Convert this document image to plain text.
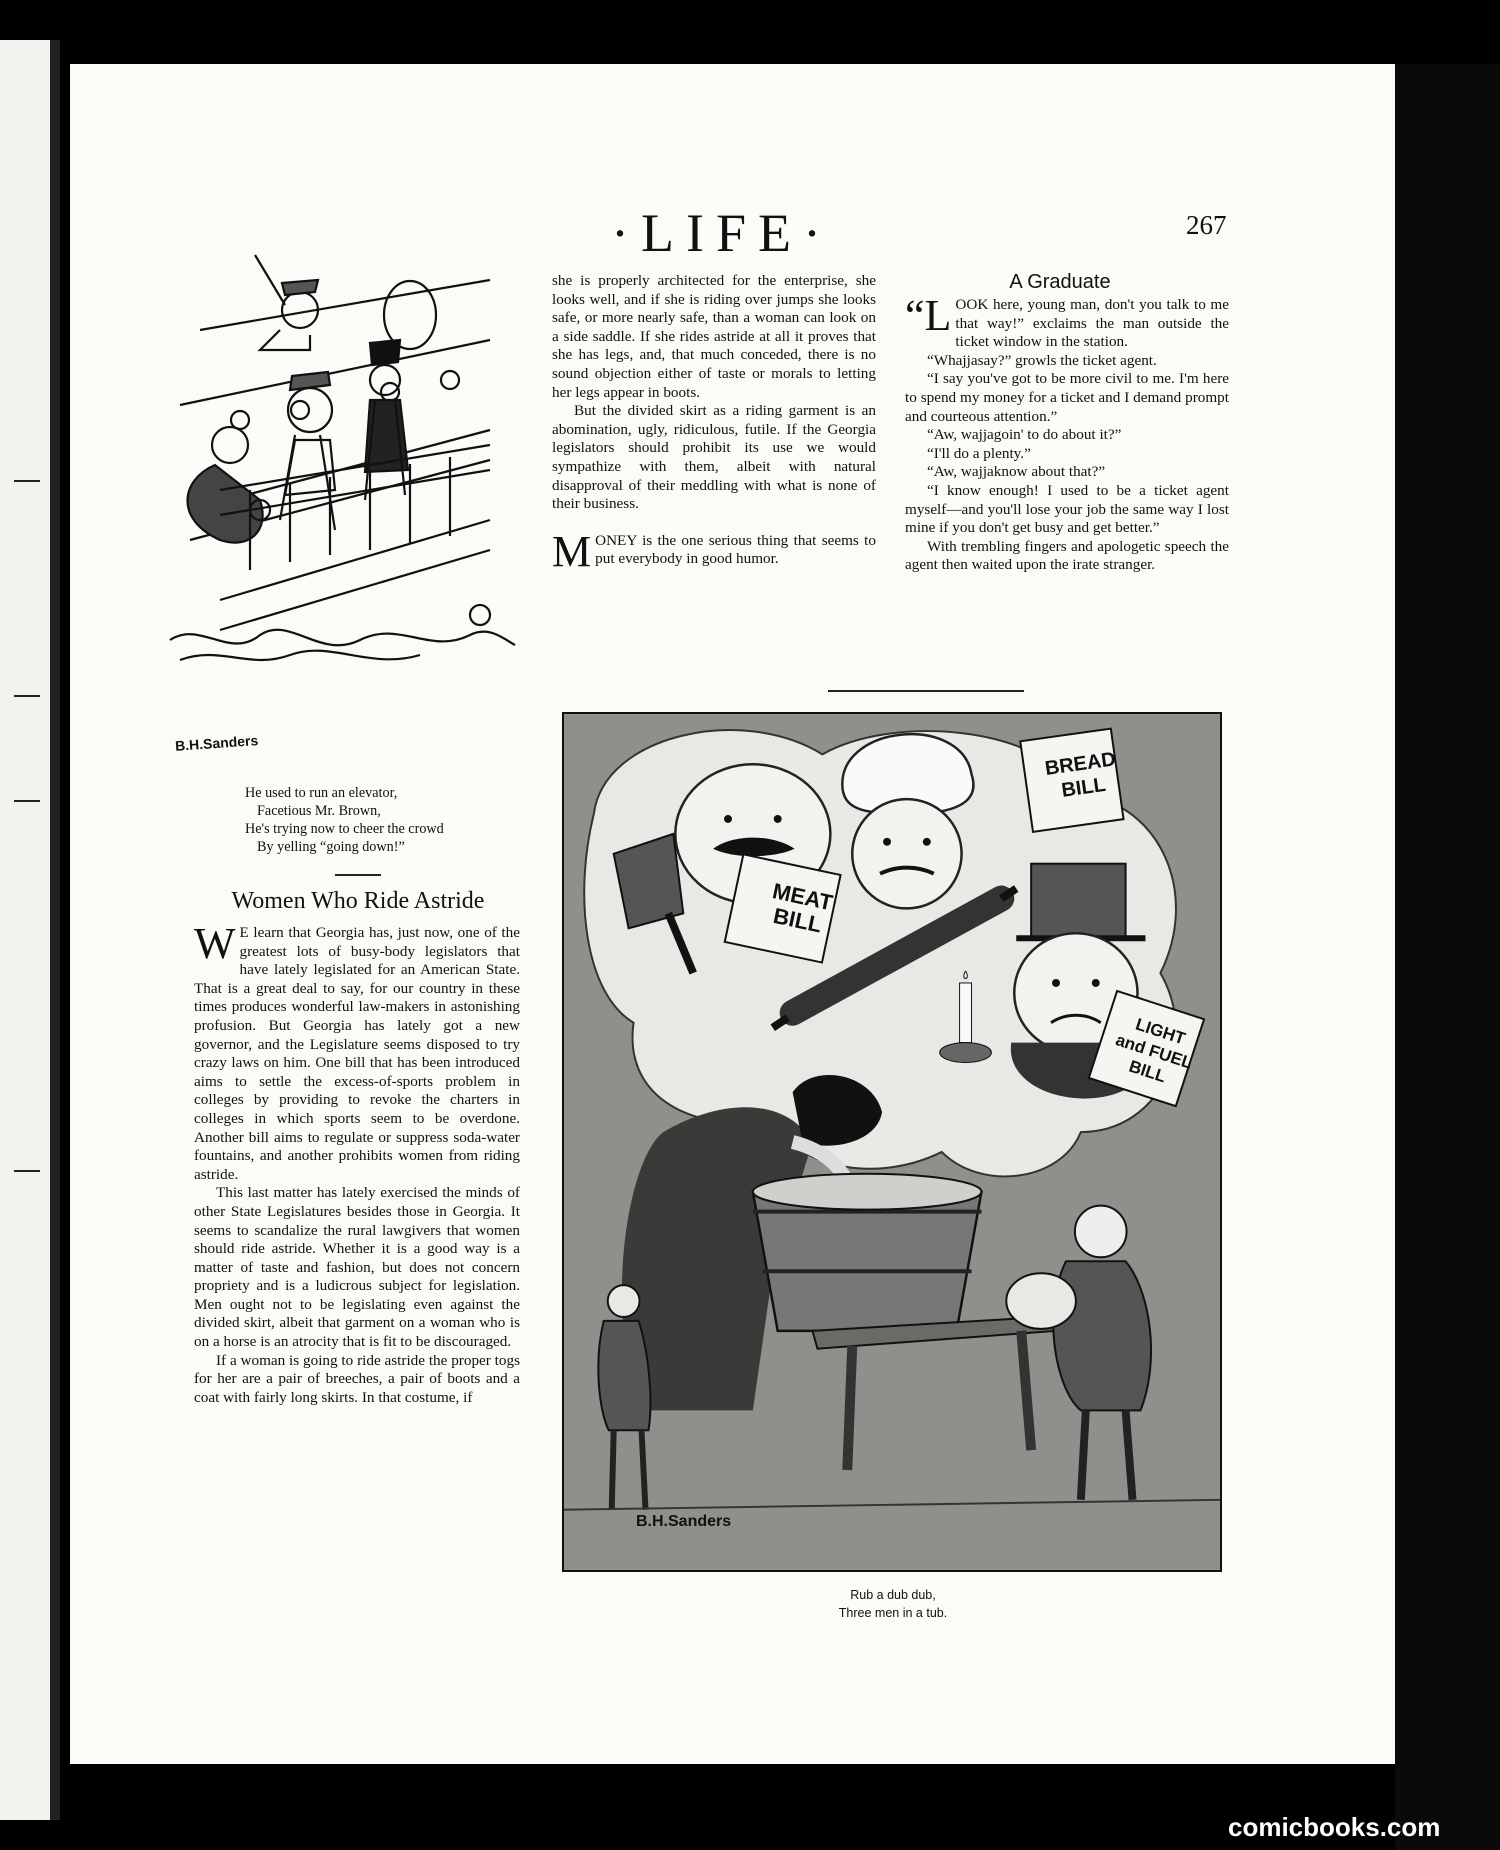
·LIFE·	267
B.H.Sanders
He used to run an elevator,
Facetious Mr. Brown,
He's trying now to cheer the crowd
By yelling “going down!”
Women Who Ride Astride

W E learn that Georgia has, just now, one of the greatest lots of busy-body legislators that have lately legislated for an American State. That is a great deal to say, for our country in these times produces wonderful law-makers in astonishing profusion. But Georgia has lately got a new governor, and the Legislature seems disposed to try crazy laws on him. One bill that has been introduced aims to settle the excess-of-sports problem in colleges by providing to revoke the charters in colleges in which sports seem to be overdone. Another bill aims to regulate or suppress soda-water fountains, and another prohibits women from riding astride.

This last matter has lately exercised the minds of other State Legislatures besides those in Georgia. It seems to scandalize the rural lawgivers that women should ride astride. Whether it is a good way is a matter of taste and fashion, but does not concern propriety and is a ludicrous subject for legislation. Men ought not to be legislating even against the divided skirt, albeit that garment on a woman who is on a horse is an atrocity that is fit to be discouraged.

If a woman is going to ride astride the proper togs for her are a pair of breeches, a pair of boots and a coat with fairly long skirts. In that costume, if

she is properly architected for the enterprise, she looks well, and if she is riding over jumps she looks safe, or more nearly safe, than a woman can look on a side saddle. If she rides astride at all it proves that she has legs, and, that much conceded, there is no sound objection either of taste or morals to letting her legs appear in boots.

But the divided skirt as a riding garment is an abomination, ugly, ridiculous, futile. If the Georgia legislators should prohibit its use we would sympathize with them, albeit with natural disapproval of their meddling with what is none of their business.

MONEY is the one serious thing that seems to put everybody in good humor.

A Graduate

“LOOK here, young man, don't you talk to me that way!” exclaims the man outside the ticket window in the station.

“Whajjasay?” growls the ticket agent.

“I say you've got to be more civil to me. I'm here to spend my money for a ticket and I demand prompt and courteous attention.”

“Aw, wajjagoin' to do about it?”

“I'll do a plenty.”

“Aw, wajjaknow about that?”

“I know enough! I used to be a ticket agent myself—and you'll lose your job the same way I lost mine if you don't get busy and get better.”

With trembling fingers and apologetic speech the agent then waited upon the irate stranger.

MEAT BILL
BREAD BILL
LIGHT and FUEL BILL
B.H.Sanders
Rub a dub dub,
Three men in a tub.
comicbooks.com
